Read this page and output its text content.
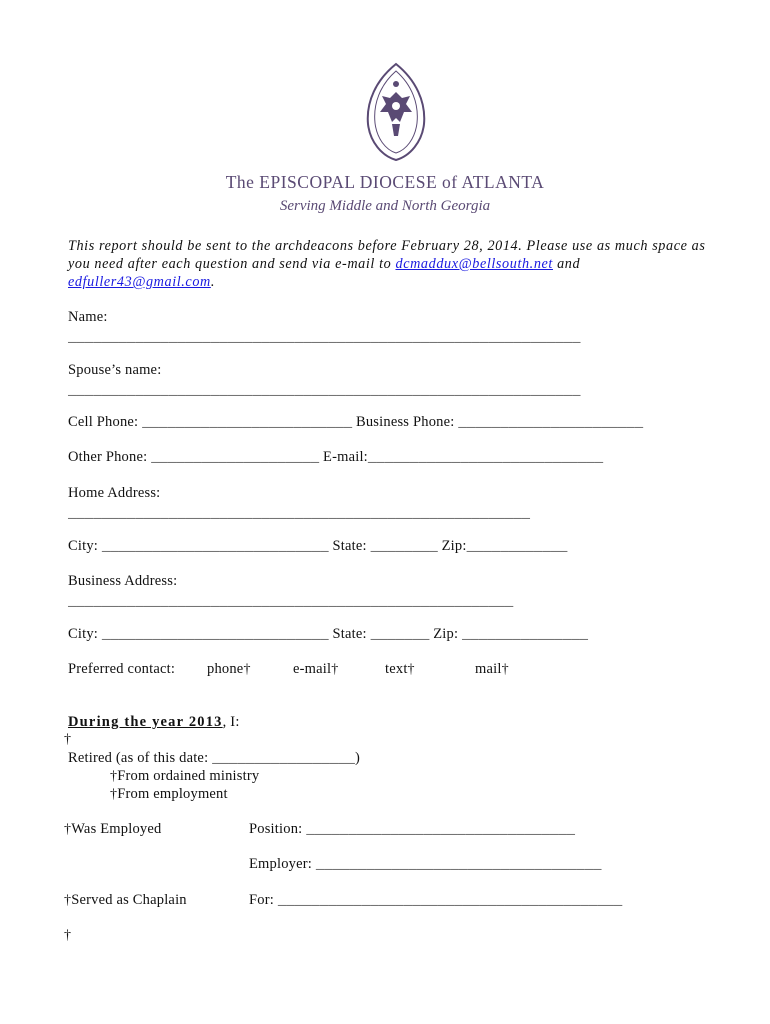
The EPISCOPAL DIOCESE of ATLANTA
Serving Middle and North Georgia
This report should be sent to the archdeacons before February 28, 2014. Please use as much space as you need after each question and send via e-mail to dcmaddux@bellsouth.net and edfuller43@gmail.com.
Name:
_____________________________________________________________
Spouse’s name:
_____________________________________________________________
Cell Phone: _________________________ Business Phone: ______________________
Other Phone: ____________________ E-mail:____________________________
Home Address:
_______________________________________________________
City: ___________________________ State: ________ Zip:____________
Business Address:
_____________________________________________________
City: ___________________________ State: _______ Zip: _______________
Preferred contact: phone†	e-mail†	text†	mail†
During the year 2013, I:
†
Retired (as of this date: _________________)
†From ordained ministry
†From employment
†Was Employed	Position: ________________________________
Employer: __________________________________
†Served as Chaplain	For: _________________________________________
†
